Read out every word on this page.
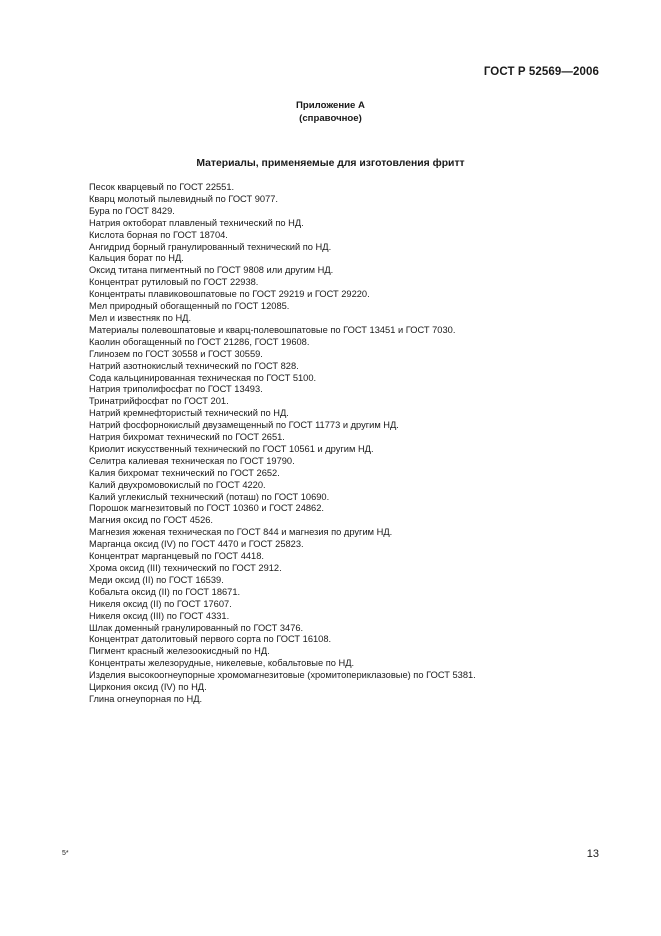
ГОСТ Р 52569—2006
Приложение А
(справочное)
Материалы, применяемые для изготовления фритт
Песок кварцевый по ГОСТ 22551.
Кварц молотый пылевидный по ГОСТ 9077.
Бура по ГОСТ 8429.
Натрия октоборат плавленый технический по НД.
Кислота борная по ГОСТ 18704.
Ангидрид борный гранулированный технический по НД.
Кальция борат по НД.
Оксид титана пигментный по ГОСТ 9808 или другим НД.
Концентрат рутиловый по ГОСТ 22938.
Концентраты плавиковошпатовые по ГОСТ 29219 и ГОСТ 29220.
Мел природный обогащенный по ГОСТ 12085.
Мел и известняк по НД.
Материалы полевошпатовые и кварц-полевошпатовые по ГОСТ 13451 и ГОСТ 7030.
Каолин обогащенный по ГОСТ 21286, ГОСТ 19608.
Глинозем по ГОСТ 30558 и ГОСТ 30559.
Натрий азотнокислый технический по ГОСТ 828.
Сода кальцинированная техническая по ГОСТ 5100.
Натрия триполифосфат по ГОСТ 13493.
Тринатрийфосфат по ГОСТ 201.
Натрий кремнефтористый технический по НД.
Натрий фосфорнокислый двузамещенный по ГОСТ 11773 и другим НД.
Натрия бихромат технический по ГОСТ 2651.
Криолит искусственный технический по ГОСТ 10561 и другим НД.
Селитра калиевая техническая по ГОСТ 19790.
Калия бихромат технический по ГОСТ 2652.
Калий двухромовокислый по ГОСТ 4220.
Калий углекислый технический (поташ) по ГОСТ 10690.
Порошок магнезитовый по ГОСТ 10360 и ГОСТ 24862.
Магния оксид по ГОСТ 4526.
Магнезия жженая техническая по ГОСТ 844 и магнезия по другим НД.
Марганца оксид (IV) по ГОСТ 4470 и ГОСТ 25823.
Концентрат марганцевый по ГОСТ 4418.
Хрома оксид (III) технический по ГОСТ 2912.
Меди оксид (II) по ГОСТ 16539.
Кобальта оксид (II) по ГОСТ 18671.
Никеля оксид (II) по ГОСТ 17607.
Никеля оксид (III) по ГОСТ 4331.
Шлак доменный гранулированный по ГОСТ 3476.
Концентрат датолитовый первого сорта по ГОСТ 16108.
Пигмент красный железоокисдный по НД.
Концентраты железорудные, никелевые, кобальтовые по НД.
Изделия высокоогнеупорные хромомагнезитовые (хромитопериклазовые) по ГОСТ 5381.
Циркония оксид (IV) по НД.
Глина огнеупорная по НД.
5*	13
